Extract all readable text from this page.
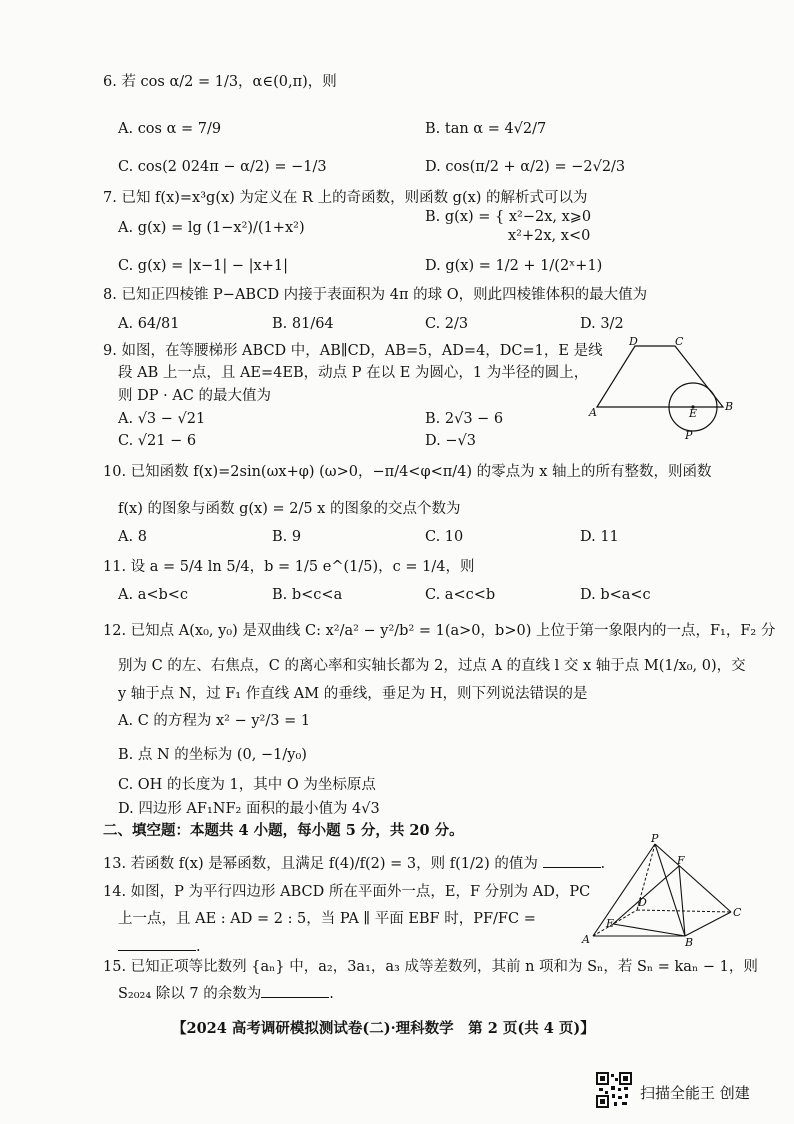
6. 若 cos α/2 = 1/3，α∈(0,π)，则
A. cos α = 7/9	B. tan α = 4√2/7
C. cos(2 024π − α/2) = −1/3	D. cos(π/2 + α/2) = −2√2/3
7. 已知 f(x)=x³g(x) 为定义在 R 上的奇函数，则函数 g(x) 的解析式可以为
A. g(x) = lg (1−x²)/(1+x²)
B. g(x) = { x²−2x, x⩾0
x²+2x, x<0
C. g(x) = |x−1| − |x+1|	D. g(x) = 1/2 + 1/(2ˣ+1)
8. 已知正四棱锥 P−ABCD 内接于表面积为 4π 的球 O，则此四棱锥体积的最大值为
A. 64/81	B. 81/64	C. 2/3	D. 3/2
9. 如图，在等腰梯形 ABCD 中，AB∥CD，AB=5，AD=4，DC=1，E 是线
段 AB 上一点，且 AE=4EB，动点 P 在以 E 为圆心，1 为半径的圆上，
则 DP · AC 的最大值为
A. √3 − √21	B. 2√3 − 6
C. √21 − 6	D. −√3
D	C
A	E
B
P
10. 已知函数 f(x)=2sin(ωx+φ) (ω>0，−π/4<φ<π/4) 的零点为 x 轴上的所有整数，则函数
f(x) 的图象与函数 g(x) = 2/5 x 的图象的交点个数为
A. 8	B. 9	C. 10	D. 11
11. 设 a = 5/4 ln 5/4，b = 1/5 e^(1/5)，c = 1/4，则
A. a<b<c	B. b<c<a	C. a<c<b	D. b<a<c
12. 已知点 A(x₀, y₀) 是双曲线 C: x²/a² − y²/b² = 1(a>0，b>0) 上位于第一象限内的一点，F₁，F₂ 分
别为 C 的左、右焦点，C 的离心率和实轴长都为 2，过点 A 的直线 l 交 x 轴于点 M(1/x₀, 0)，交
y 轴于点 N，过 F₁ 作直线 AM 的垂线，垂足为 H，则下列说法错误的是
A. C 的方程为 x² − y²/3 = 1
B. 点 N 的坐标为 (0, −1/y₀)
C. OH 的长度为 1，其中 O 为坐标原点
D. 四边形 AF₁NF₂ 面积的最小值为 4√3
二、填空题：本题共 4 小题，每小题 5 分，共 20 分。
13. 若函数 f(x) 是幂函数，且满足 f(4)/f(2) = 3，则 f(1/2) 的值为	.
14. 如图，P 为平行四边形 ABCD 所在平面外一点，E，F 分别为 AD，PC
上一点，且 AE : AD = 2 : 5，当 PA ∥ 平面 EBF 时，PF/FC =
.
P
F
D
C
E
A	B
15. 已知正项等比数列 {aₙ} 中，a₂，3a₁，a₃ 成等差数列，其前 n 项和为 Sₙ，若 Sₙ = kaₙ − 1，则
S₂₀₂₄ 除以 7 的余数为	.
【2024 高考调研模拟测试卷(二)·理科数学　第 2 页(共 4 页)】
扫描全能王 创建
